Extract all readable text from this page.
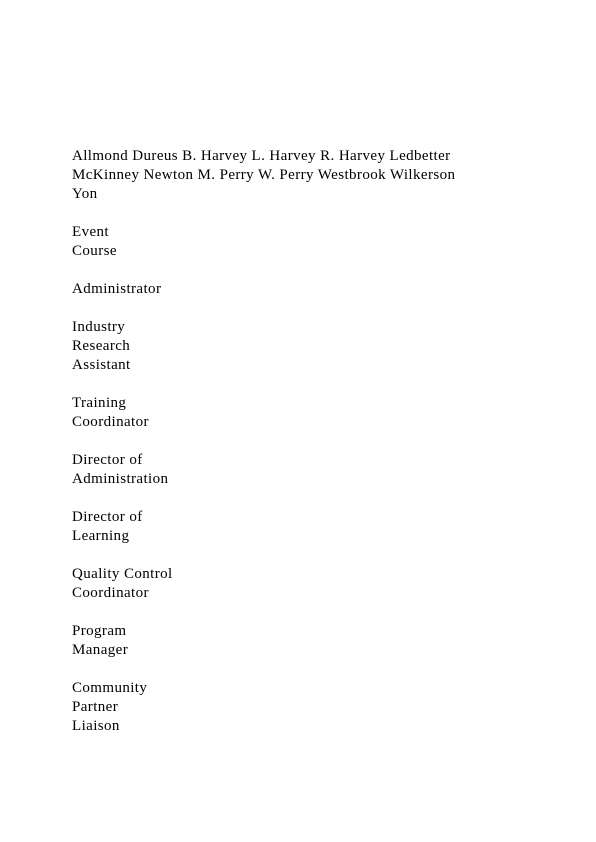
Allmond Dureus B. Harvey L. Harvey R. Harvey Ledbetter
McKinney Newton M. Perry W. Perry Westbrook Wilkerson
Yon
Event
Course
Administrator
Industry
Research
Assistant
Training
Coordinator
Director of
Administration
Director of
Learning
Quality Control
Coordinator
Program
Manager
Community
Partner
Liaison
